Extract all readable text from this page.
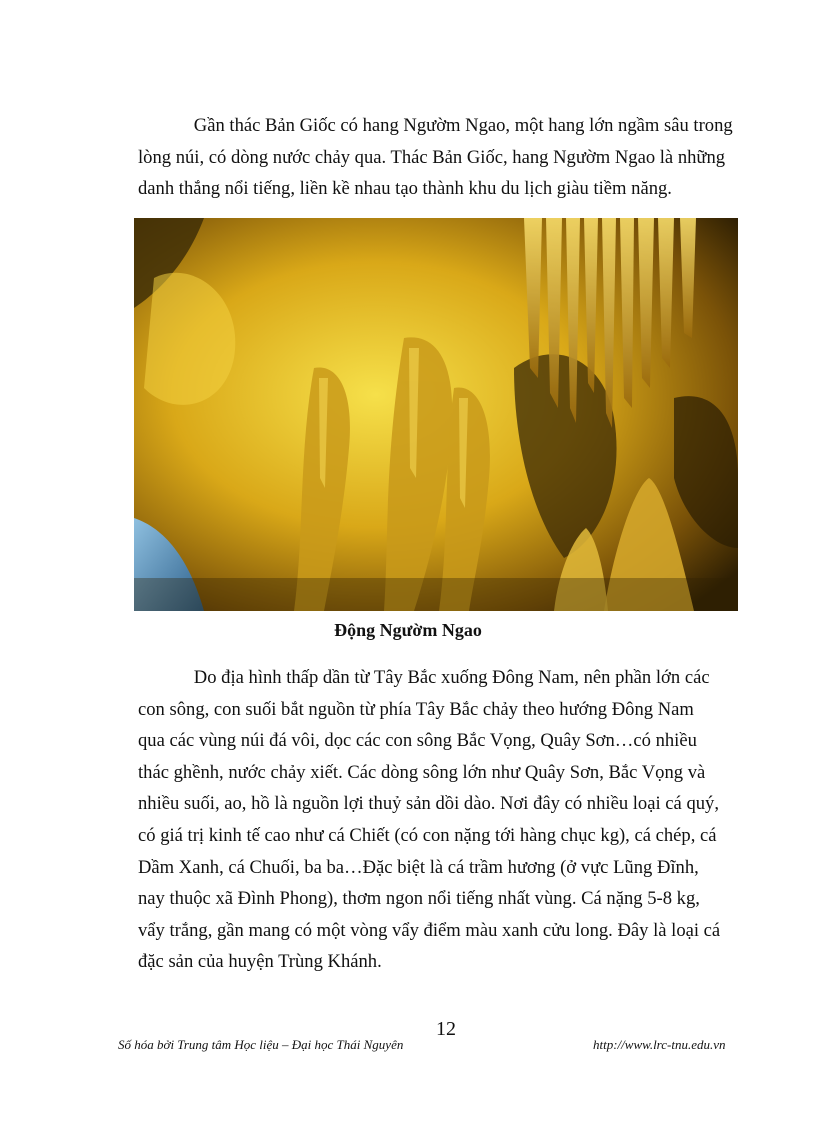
   Gần thác Bản Giốc có hang Ngườm Ngao, một hang lớn ngầm sâu trong
lòng núi, có dòng nước chảy qua. Thác Bản Giốc, hang Ngườm Ngao là những
danh thắng nổi tiếng, liền kề nhau tạo thành khu du lịch giàu tiềm năng.
Động Ngườm Ngao
   Do địa hình thấp dần từ Tây Bắc xuống Đông Nam, nên phần lớn các
con sông, con suối bắt nguồn từ phía Tây Bắc chảy theo hướng Đông Nam
qua các vùng núi đá vôi, dọc các con sông Bắc Vọng, Quây Sơn…có nhiều
thác ghềnh, nước chảy xiết. Các dòng sông lớn như Quây Sơn, Bắc Vọng và
nhiều suối, ao, hồ là nguồn lợi thuỷ sản dồi dào. Nơi đây có nhiều loại cá quý,
có giá trị kinh tế cao như cá Chiết (có con nặng tới hàng chục kg), cá chép, cá
Dầm Xanh, cá Chuối, ba ba…Đặc biệt là cá trầm hương (ở vực Lũng Đĩnh,
nay thuộc xã Đình Phong), thơm ngon nổi tiếng nhất vùng. Cá nặng 5-8 kg,
vẩy trắng, gần mang có một vòng vẩy điểm màu xanh cửu long. Đây là loại cá
đặc sản của huyện Trùng Khánh.
12
Số hóa bởi Trung tâm Học liệu – Đại học Thái Nguyên	http://www.lrc-tnu.edu.vn
